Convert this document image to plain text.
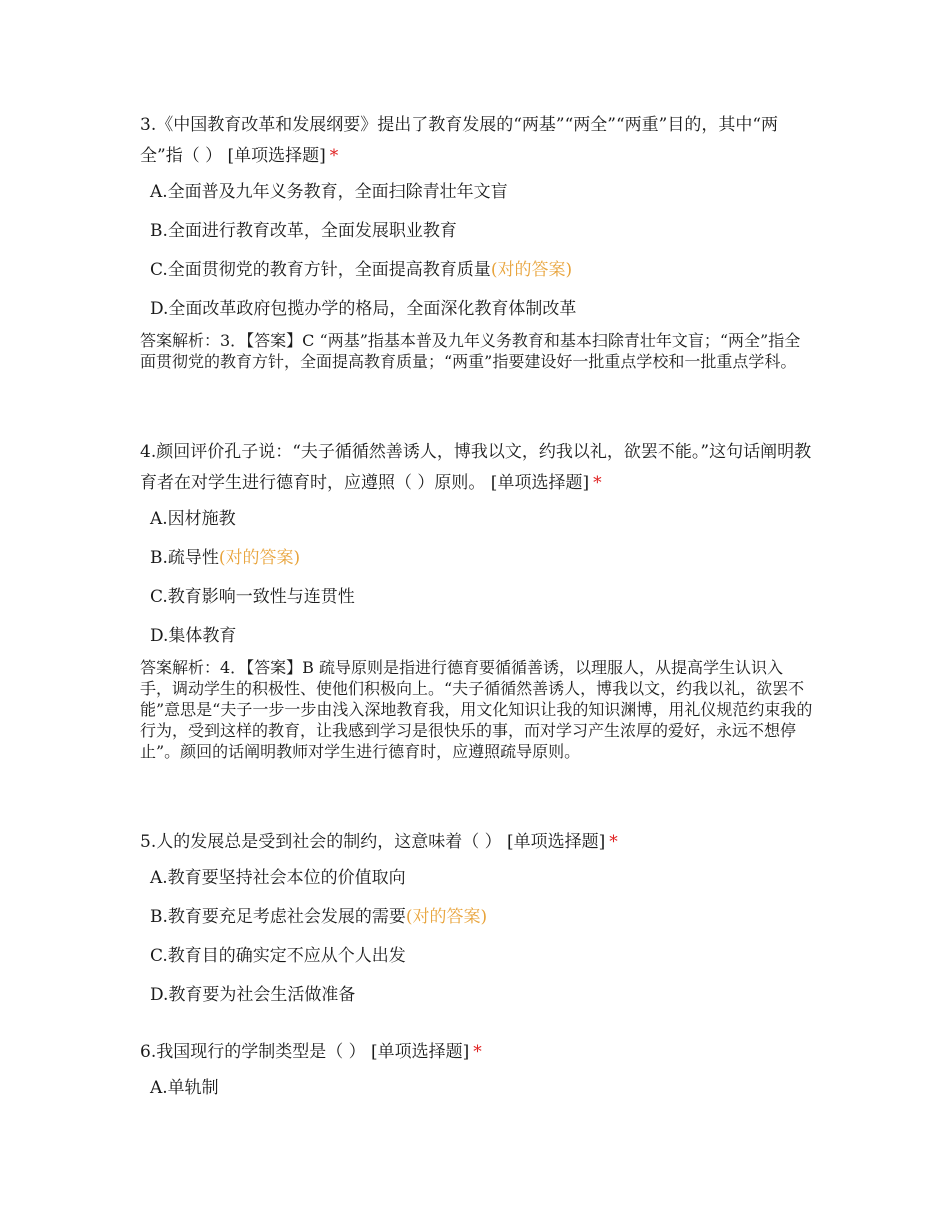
3.《中国教育改革和发展纲要》提出了教育发展的“两基”“两全”“两重”目的，其中“两全”指（ ） [单项选择题] *

A.全面普及九年义务教育，全面扫除青壮年文盲
B.全面进行教育改革，全面发展职业教育
C.全面贯彻党的教育方针，全面提高教育质量(对的答案)
D.全面改革政府包揽办学的格局，全面深化教育体制改革
答案解析：3．【答案】C “两基”指基本普及九年义务教育和基本扫除青壮年文盲；“两全”指全面贯彻党的教育方针，全面提高教育质量；“两重”指要建设好一批重点学校和一批重点学科。

4.颜回评价孔子说：“夫子循循然善诱人，博我以文，约我以礼，欲罢不能。”这句话阐明教育者在对学生进行德育时，应遵照（ ）原则。 [单项选择题] *

A.因材施教
B.疏导性(对的答案)
C.教育影响一致性与连贯性
D.集体教育
答案解析：4．【答案】B 疏导原则是指进行德育要循循善诱，以理服人，从提高学生认识入手，调动学生的积极性、使他们积极向上。“夫子循循然善诱人，博我以文，约我以礼，欲罢不能”意思是“夫子一步一步由浅入深地教育我，用文化知识让我的知识渊博，用礼仪规范约束我的行为，受到这样的教育，让我感到学习是很快乐的事，而对学习产生浓厚的爱好，永远不想停止”。颜回的话阐明教师对学生进行德育时，应遵照疏导原则。

5.人的发展总是受到社会的制约，这意味着（ ） [单项选择题] *

A.教育要坚持社会本位的价值取向
B.教育要充足考虑社会发展的需要(对的答案)
C.教育目的确实定不应从个人出发
D.教育要为社会生活做准备

6.我国现行的学制类型是（ ） [单项选择题] *

A.单轨制
